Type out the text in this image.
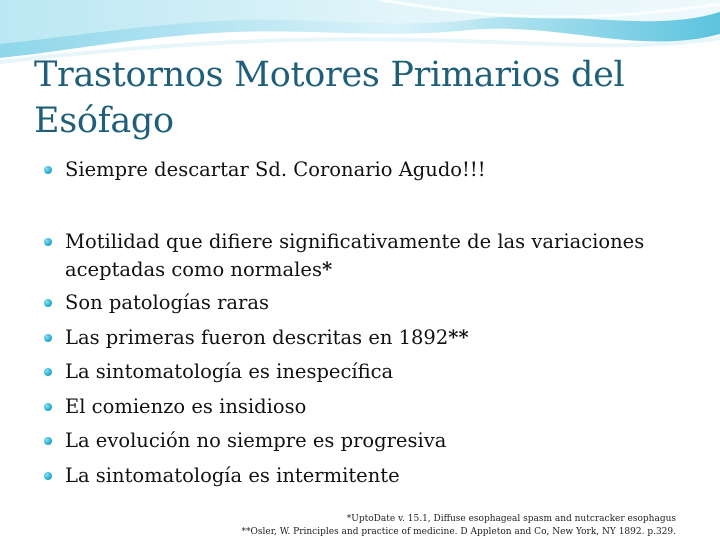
Trastornos Motores Primarios del
Esófago
Siempre descartar Sd. Coronario Agudo!!!
Motilidad que difiere significativamente de las variaciones aceptadas como normales*
Son patologías raras
Las primeras fueron descritas en 1892**
La sintomatología es inespecífica
El comienzo es insidioso
La evolución no siempre es progresiva
La sintomatología es intermitente
*UptoDate v. 15.1, Diffuse esophageal spasm and nutcracker esophagus
**Osler, W. Principles and practice of medicine. D Appleton and Co, New York, NY 1892. p.329.
